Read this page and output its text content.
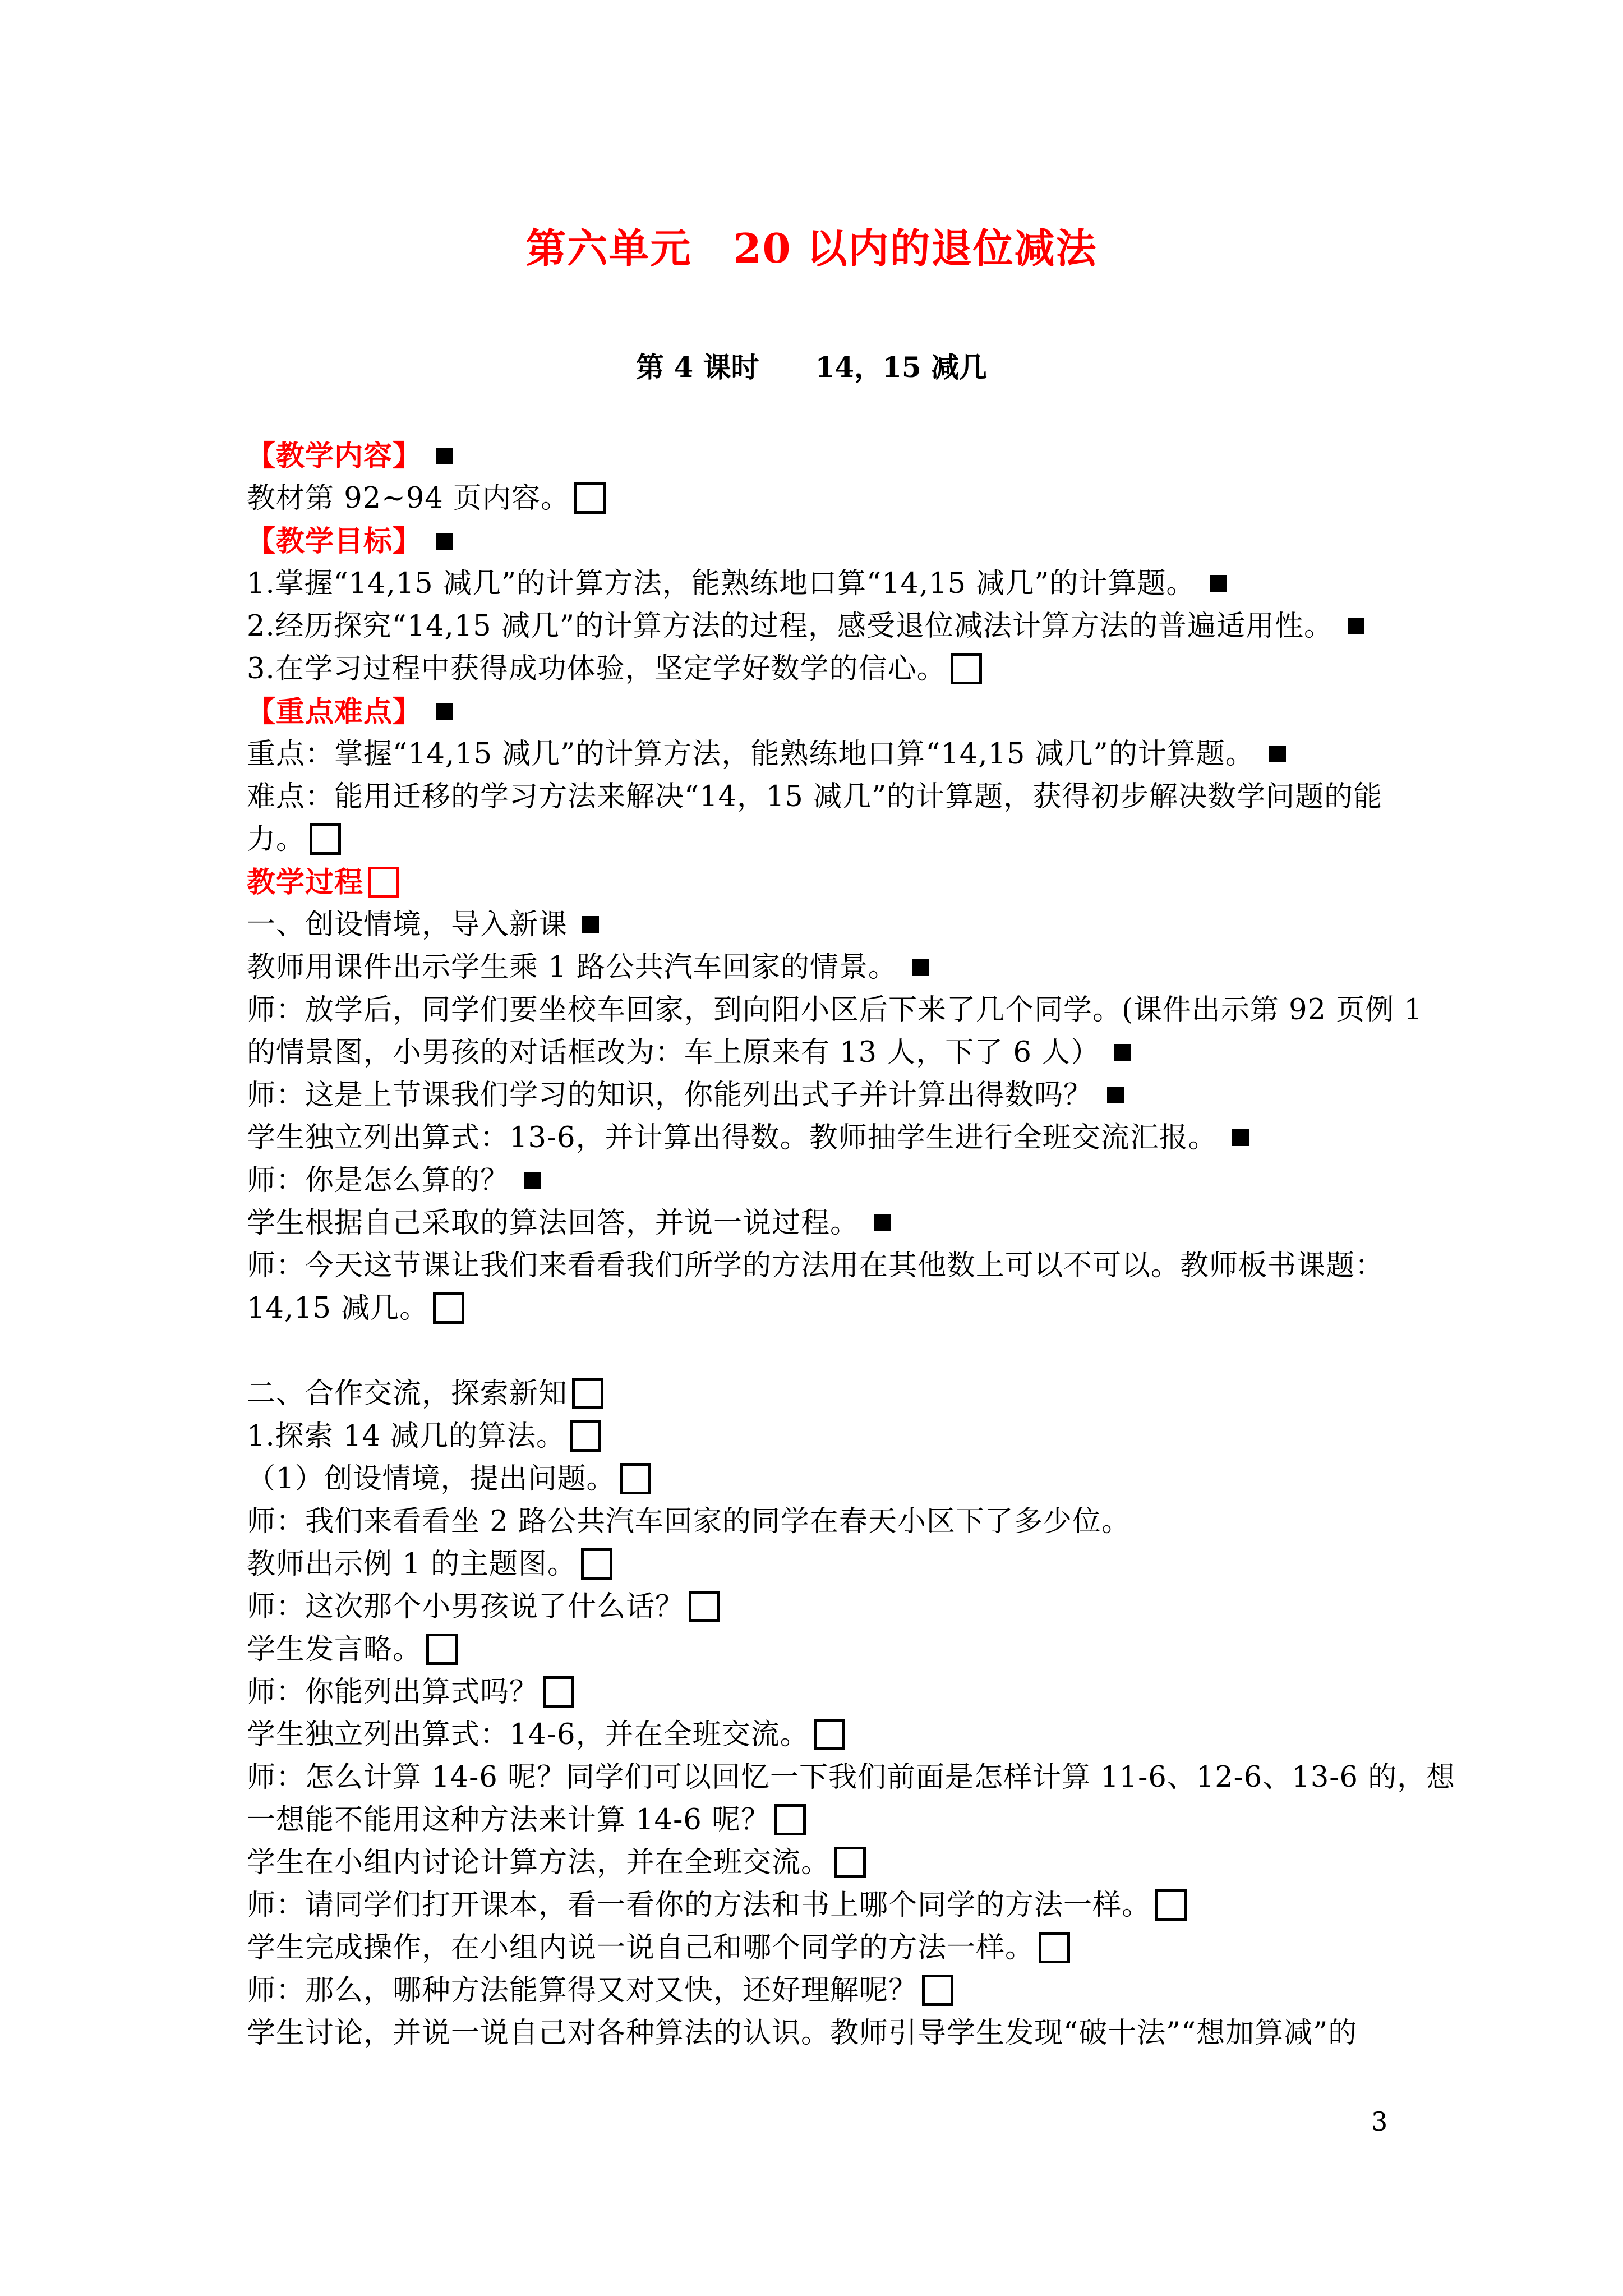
第六单元　20 以内的退位减法
第 4 课时　　14，15 减几
【教学内容】
教材第 92~94 页内容。
【教学目标】
1.掌握“14,15 减几”的计算方法，能熟练地口算“14,15 减几”的计算题。
2.经历探究“14,15 减几”的计算方法的过程，感受退位减法计算方法的普遍适用性。
3.在学习过程中获得成功体验，坚定学好数学的信心。
【重点难点】
重点：掌握“14,15 减几”的计算方法，能熟练地口算“14,15 减几”的计算题。
难点：能用迁移的学习方法来解决“14，15 减几”的计算题，获得初步解决数学问题的能
力。
教学过程
一、创设情境，导入新课
教师用课件出示学生乘 1 路公共汽车回家的情景。
师：放学后，同学们要坐校车回家，到向阳小区后下来了几个同学。(课件出示第 92 页例 1
的情景图，小男孩的对话框改为：车上原来有 13 人，下了 6 人）
师：这是上节课我们学习的知识，你能列出式子并计算出得数吗？
学生独立列出算式：13-6，并计算出得数。教师抽学生进行全班交流汇报。
师：你是怎么算的？
学生根据自己采取的算法回答，并说一说过程。
师：今天这节课让我们来看看我们所学的方法用在其他数上可以不可以。教师板书课题：
14,15 减几。
二、合作交流，探索新知
1.探索 14 减几的算法。
（1）创设情境，提出问题。
师：我们来看看坐 2 路公共汽车回家的同学在春天小区下了多少位。
教师出示例 1 的主题图。
师：这次那个小男孩说了什么话？
学生发言略。
师：你能列出算式吗？
学生独立列出算式：14-6，并在全班交流。
师：怎么计算 14-6 呢？同学们可以回忆一下我们前面是怎样计算 11-6、12-6、13-6 的，想
一想能不能用这种方法来计算 14-6 呢？
学生在小组内讨论计算方法，并在全班交流。
师：请同学们打开课本，看一看你的方法和书上哪个同学的方法一样。
学生完成操作，在小组内说一说自己和哪个同学的方法一样。
师：那么，哪种方法能算得又对又快，还好理解呢？
学生讨论，并说一说自己对各种算法的认识。教师引导学生发现“破十法”“想加算减”的
3
